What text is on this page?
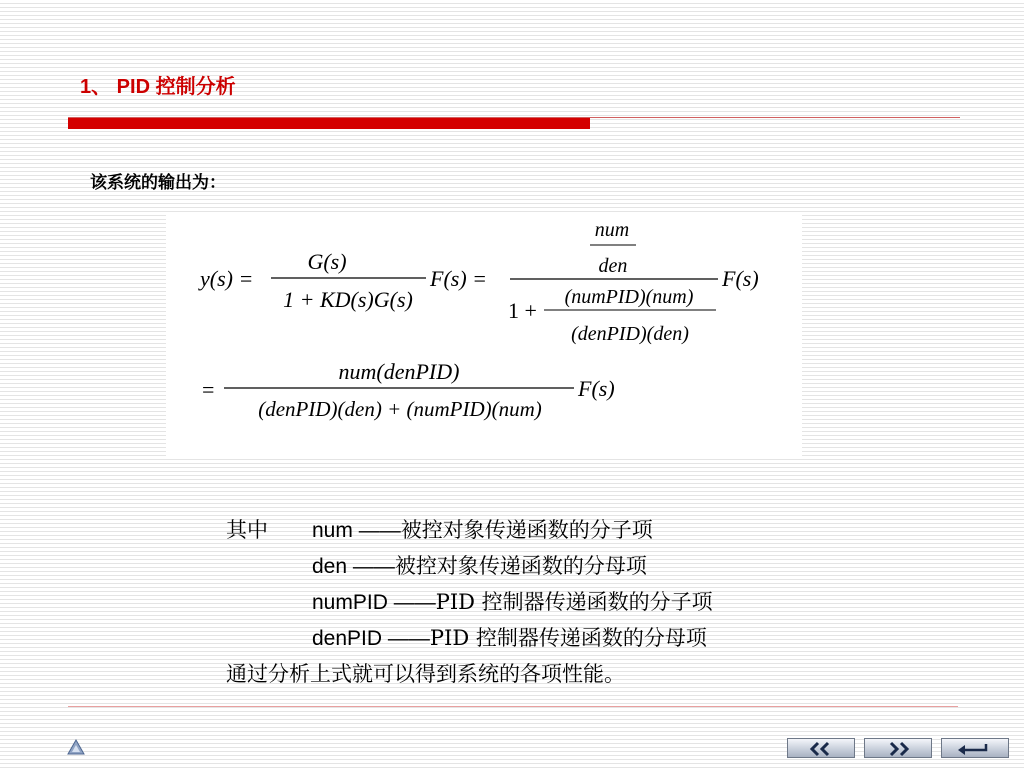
1、 PID 控制分析
该系统的输出为：
y(s) =
G(s)
1 + KD(s)G(s)
F(s) =
num
den
1 +
(numPID)(num)
(denPID)(den)
F(s)
=
num(denPID)
(denPID)(den) + (numPID)(num)
F(s)
其中 num ——被控对象传递函数的分子项
den ——被控对象传递函数的分母项
numPID ——PID 控制器传递函数的分子项
denPID ——PID 控制器传递函数的分母项
通过分析上式就可以得到系统的各项性能。
